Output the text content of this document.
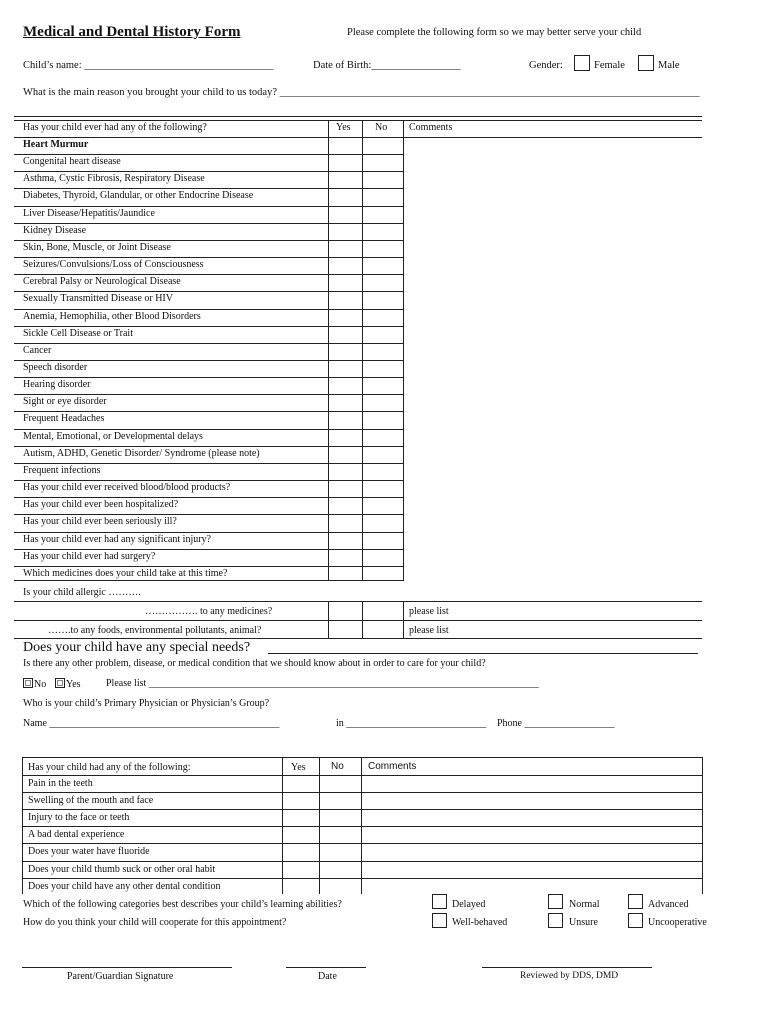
Medical and Dental History Form	Please complete the following form so we may better serve your child
Child’s name: ____________________________________	Date of Birth:_________________	Gender:	Female	Male
What is the main reason you brought your child to us today? ________________________________________________________________________________
Has your child ever had any of the following?	Yes No Comments
Heart Murmur
Congenital heart disease
Asthma, Cystic Fibrosis, Respiratory Disease
Diabetes, Thyroid, Glandular, or other Endocrine Disease
Liver Disease/Hepatitis/Jaundice
Kidney Disease
Skin, Bone, Muscle, or Joint Disease
Seizures/Convulsions/Loss of Consciousness
Cerebral Palsy or Neurological Disease
Sexually Transmitted Disease or HIV
Anemia, Hemophilia, other Blood Disorders
Sickle Cell Disease or Trait
Cancer
Speech disorder
Hearing disorder
Sight or eye disorder
Frequent Headaches
Mental, Emotional, or Developmental delays
Autism, ADHD, Genetic Disorder/ Syndrome (please note)
Frequent infections
Has your child ever received blood/blood products?
Has your child ever been hospitalized?
Has your child ever been seriously ill?
Has your child ever had any significant injury?
Has your child ever had surgery?
Which medicines does your child take at this time?
Is your child allergic ……….
……………. to any medicines?	please list
…….to any foods, environmental pollutants, animal?	please list
Does your child have any special needs?
Is there any other problem, disease, or medical condition that we should know about in order to care for your child?
No	Yes	Please list ______________________________________________________________________________
Who is your child’s Primary Physician or Physician’s Group?
Name ______________________________________________	in ____________________________ Phone __________________
Has your child had any of the following:	Yes	No Comments
Pain in the teeth
Swelling of the mouth and face
Injury to the face or teeth
A bad dental experience
Does your water have fluoride
Does your child thumb suck or other oral habit
Does your child have any other dental condition
Which of the following categories best describes your child’s learning abilities?	Delayed	Normal	Advanced
How do you think your child will cooperate for this appointment?	Well-behaved	Unsure	Uncooperative
Parent/Guardian Signature	Date	Reviewed by DDS, DMD
